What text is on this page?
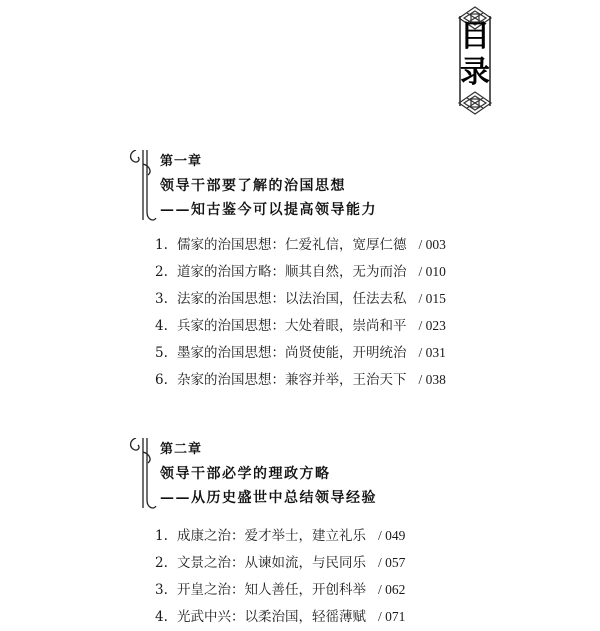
目
录
第一章
领导干部要了解的治国思想
——知古鉴今可以提高领导能力
1. 儒家的治国思想：仁爱礼信，宽厚仁德 / 003
2. 道家的治国方略：顺其自然，无为而治 / 010
3. 法家的治国思想：以法治国，任法去私 / 015
4. 兵家的治国思想：大处着眼，崇尚和平 / 023
5. 墨家的治国思想：尚贤使能，开明统治 / 031
6. 杂家的治国思想：兼容并举，王治天下 / 038
第二章
领导干部必学的理政方略
——从历史盛世中总结领导经验
1. 成康之治：爱才举士，建立礼乐 / 049
2. 文景之治：从谏如流，与民同乐 / 057
3. 开皇之治：知人善任，开创科举 / 062
4. 光武中兴：以柔治国，轻徭薄赋 / 071
